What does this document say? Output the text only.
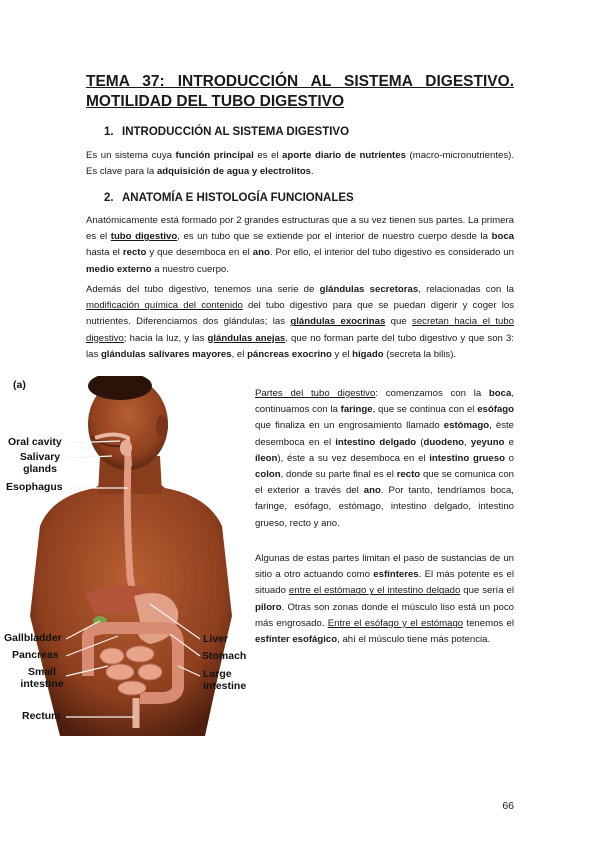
TEMA 37: INTRODUCCIÓN AL SISTEMA DIGESTIVO.
MOTILIDAD DEL TUBO DIGESTIVO
1. INTRODUCCIÓN AL SISTEMA DIGESTIVO
Es un sistema cuya función principal es el aporte diario de nutrientes (macro-micronutrientes). Es clave para la adquisición de agua y electrolitos.
2. ANATOMÍA E HISTOLOGÍA FUNCIONALES
Anatómicamente está formado por 2 grandes estructuras que a su vez tienen sus partes. La primera es el tubo digestivo, es un tubo que se extiende por el interior de nuestro cuerpo desde la boca hasta el recto y que desemboca en el ano. Por ello, el interior del tubo digestivo es considerado un medio externo a nuestro cuerpo.
Además del tubo digestivo, tenemos una serie de glándulas secretoras, relacionadas con la modificación química del contenido del tubo digestivo para que se puedan digerir y coger los nutrientes. Diferenciamos dos glándulas; las glándulas exocrinas que secretan hacia el tubo digestivo; hacia la luz, y las glándulas anejas, que no forman parte del tubo digestivo y que son 3: las glándulas salivares mayores, el páncreas exocrino y el hígado (secreta la bilis).
Partes del tubo digestivo: comenzamos con la boca, continuamos con la faringe, que se continua con el esófago que finaliza en un engrosamiento llamado estómago, éste desemboca en el intestino delgado (duodeno, yeyuno e íleon), éste a su vez desemboca en el intestino grueso o colon, donde su parte final es el recto que se comunica con el exterior a través del ano. Por tanto, tendríamos boca, faringe, esófago, estómago, intestino delgado, intestino grueso, recto y ano.
Algunas de estas partes limitan el paso de sustancias de un sitio a otro actuando como esfínteres. El más potente es el situado entre el estómago y el intestino delgado que sería el píloro. Otras son zonas donde el músculo liso está un poco más engrosado. Entre el esófago y el estómago tenemos el esfínter esofágico, ahí el músculo tiene más potencia.
(a)
Oral cavity
Salivary glands
Esophagus
Gallbladder
Pancreas
Small intestine
Rectum
Liver
Stomach
Large intestine
66
